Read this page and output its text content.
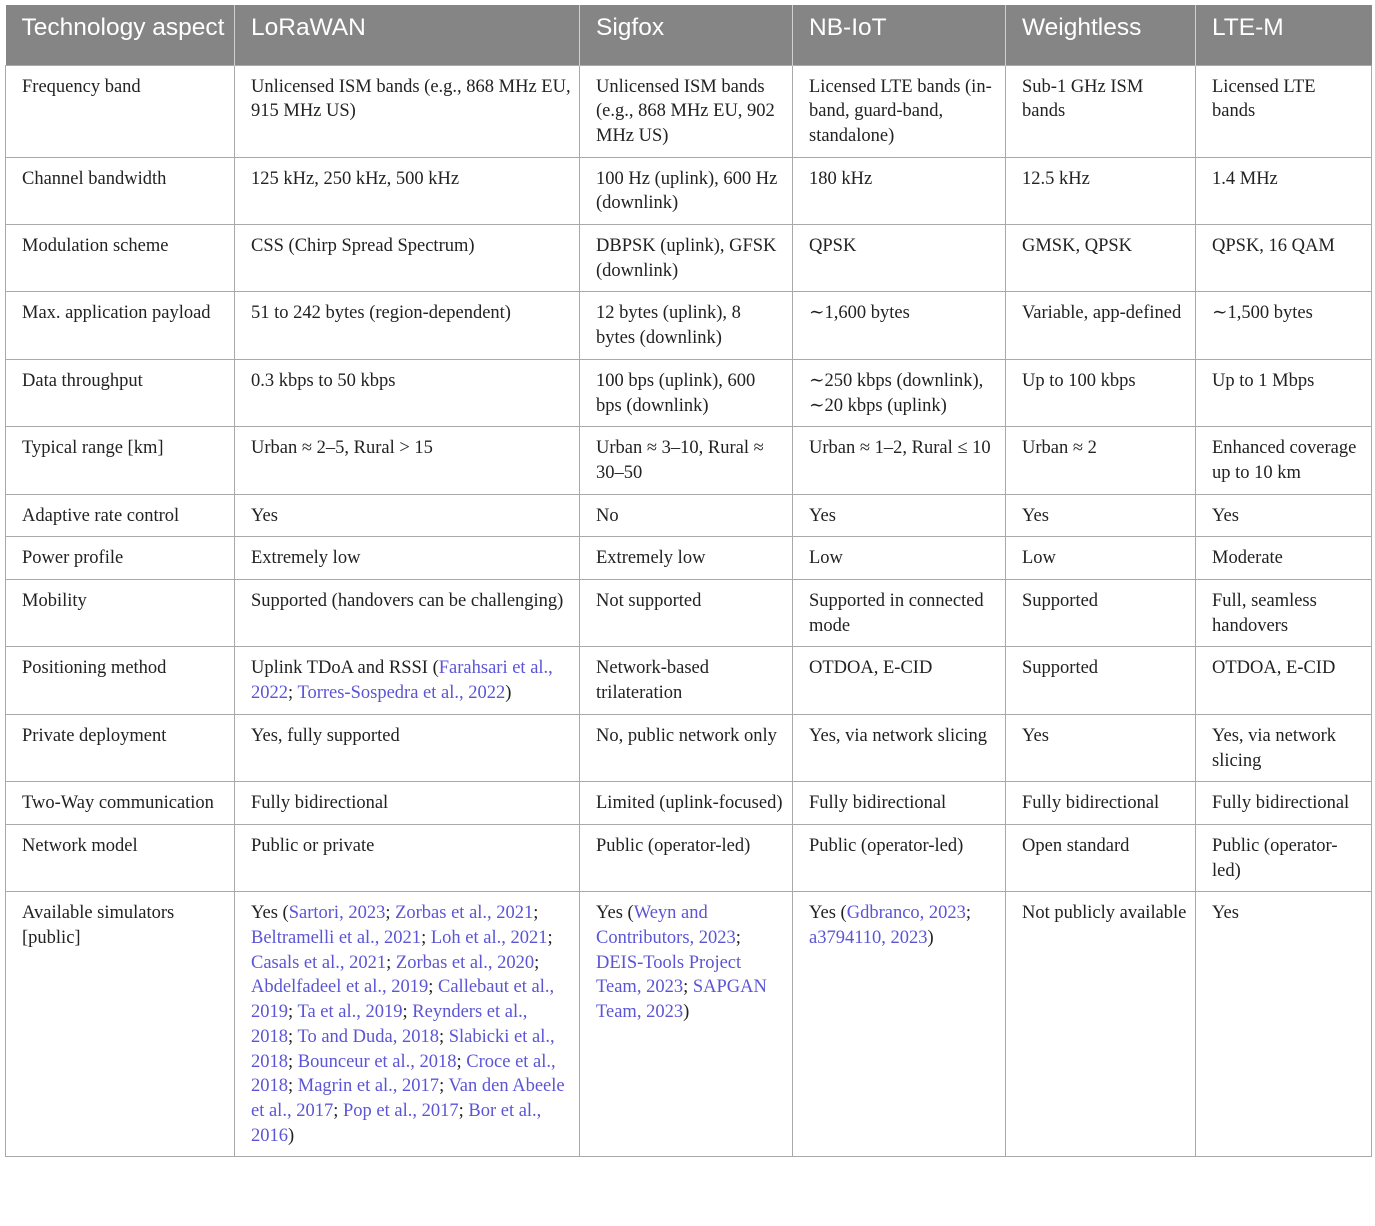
Technology aspect	LoRaWAN	Sigfox	NB-IoT	Weightless	LTE-M
Frequency band	Unlicensed ISM bands (e.g., 868 MHz EU, 915 MHz US)	Unlicensed ISM bands (e.g., 868 MHz EU, 902 MHz US)	Licensed LTE bands (in-band, guard-band, standalone)	Sub-1 GHz ISM bands	Licensed LTE bands
Channel bandwidth	125 kHz, 250 kHz, 500 kHz	100 Hz (uplink), 600 Hz (downlink)	180 kHz	12.5 kHz	1.4 MHz
Modulation scheme	CSS (Chirp Spread Spectrum)	DBPSK (uplink), GFSK (downlink)	QPSK	GMSK, QPSK	QPSK, 16 QAM
Max. application payload	51 to 242 bytes (region-dependent)	12 bytes (uplink), 8 bytes (downlink)	∼1,600 bytes	Variable, app-defined	∼1,500 bytes
Data throughput	0.3 kbps to 50 kbps	100 bps (uplink), 600 bps (downlink)	∼250 kbps (downlink), ∼20 kbps (uplink)	Up to 100 kbps	Up to 1 Mbps
Typical range [km]	Urban ≈ 2–5, Rural > 15	Urban ≈ 3–10, Rural ≈ 30–50	Urban ≈ 1–2, Rural ≤ 10	Urban ≈ 2	Enhanced coverage up to 10 km
Adaptive rate control	Yes	No	Yes	Yes	Yes
Power profile	Extremely low	Extremely low	Low	Low	Moderate
Mobility	Supported (handovers can be challenging)	Not supported	Supported in connected mode	Supported	Full, seamless handovers
Positioning method	Uplink TDoA and RSSI (Farahsari et al., 2022; Torres-Sospedra et al., 2022)	Network-based trilateration	OTDOA, E-CID	Supported	OTDOA, E-CID
Private deployment	Yes, fully supported	No, public network only	Yes, via network slicing	Yes	Yes, via network slicing
Two-Way communication	Fully bidirectional	Limited (uplink-focused)	Fully bidirectional	Fully bidirectional	Fully bidirectional
Network model	Public or private	Public (operator-led)	Public (operator-led)	Open standard	Public (operator-led)
Available simulators [public]	Yes (Sartori, 2023; Zorbas et al., 2021; Beltramelli et al., 2021; Loh et al., 2021; Casals et al., 2021; Zorbas et al., 2020; Abdelfadeel et al., 2019; Callebaut et al., 2019; Ta et al., 2019; Reynders et al., 2018; To and Duda, 2018; Slabicki et al., 2018; Bounceur et al., 2018; Croce et al., 2018; Magrin et al., 2017; Van den Abeele et al., 2017; Pop et al., 2017; Bor et al., 2016)	Yes (Weyn and Contributors, 2023; DEIS-Tools Project Team, 2023; SAPGAN Team, 2023)	Yes (Gdbranco, 2023; a3794110, 2023)	Not publicly available	Yes
